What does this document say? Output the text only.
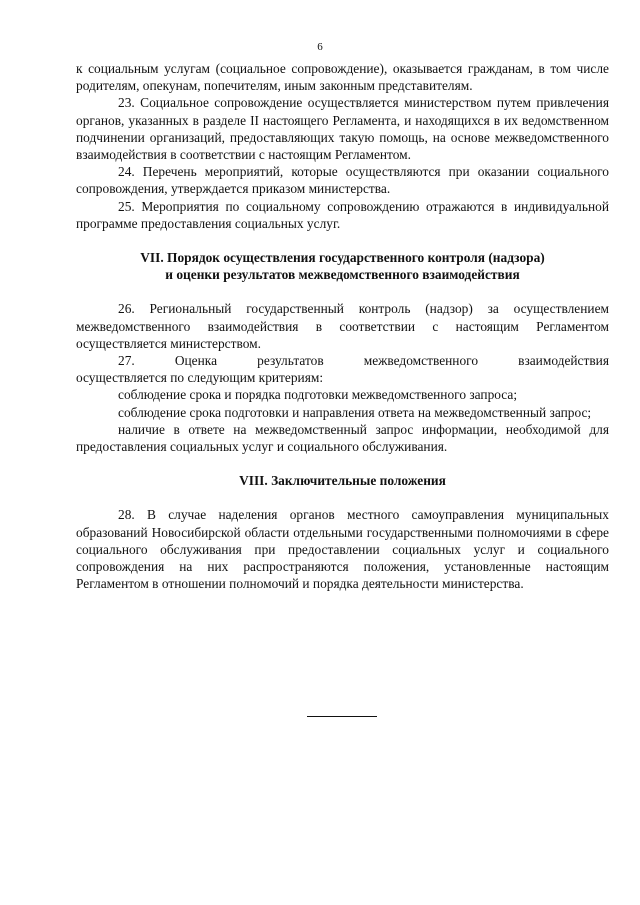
6

к социальным услугам (социальное сопровождение), оказывается гражданам, в том числе родителям, опекунам, попечителям, иным законным представителям.

23. Социальное сопровождение осуществляется министерством путем привлечения органов, указанных в разделе II настоящего Регламента, и находящихся в их ведомственном подчинении организаций, предоставляющих такую помощь, на основе межведомственного взаимодействия в соответствии с настоящим Регламентом.

24. Перечень мероприятий, которые осуществляются при оказании социального сопровождения, утверждается приказом министерства.

25. Мероприятия по социальному сопровождению отражаются в индивидуальной программе предоставления социальных услуг.

VII. Порядок осуществления государственного контроля (надзора)

и оценки результатов межведомственного взаимодействия

26. Региональный государственный контроль (надзор) за осуществлением межведомственного взаимодействия в соответствии с настоящим Регламентом осуществляется министерством.

27. Оценка результатов межведомственного взаимодействия

осуществляется по следующим критериям:

соблюдение срока и порядка подготовки межведомственного запроса;

соблюдение срока подготовки и направления ответа на межведомственный запрос;

наличие в ответе на межведомственный запрос информации, необходимой для предоставления социальных услуг и социального обслуживания.

VIII. Заключительные положения

28. В случае наделения органов местного самоуправления муниципальных образований Новосибирской области отдельными государственными полномочиями в сфере социального обслуживания при предоставлении социальных услуг и социального сопровождения на них распространяются положения, установленные настоящим Регламентом в отношении полномочий и порядка деятельности министерства.
